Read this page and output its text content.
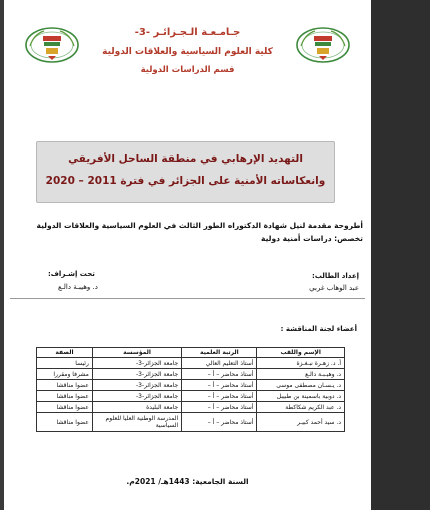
جـامـعـة الـجـزائـر -3-
كلية العلوم السياسية والعلاقات الدولية
قسم الدراسات الدولية
التهديد الإرهابي في منطقة الساحل الأفريقي
وانعكاساته الأمنية على الجزائر في فترة 2011 – 2020
أطروحة مقدمة لنيل شهادة الدكتوراه الطور الثالث في العلوم السياسية والعلاقات الدولية
تخصص: دراسات أمنية دولية
إعداد الطالب:
عبد الوهاب غربي
تحت إشـراف:
د. وهيبـة دالـع
أعضاء لجنة المناقشة :
الإسم واللقب	الرتبة العلمية	المؤسسة	الصفة
أ. د. زهـرة نبـغـزة	أستاذ التعليم العالي	جامعة الجزائر-3-	رئيسا
د. وهيـبـة دالـع	أستاذ محاضر – أ –	جامعة الجزائر-3-	مشرفا ومقررا
د. يـسـان مصطفى موسى	أستاذ محاضر – أ –	جامعة الجزائر-3-	عضوا مناقشا
د. دوبية باسمينة بن طبيبل	أستاذ محاضر – أ –	جامعة الجزائر-3-	عضوا مناقشا
د. عبد الكريم شكاكطة	أستاذ محاضر – أ –	جامعة البليدة	عضوا مناقشا
د. سيد أحمد كبيـر	أستاذ محاضر – أ –	المدرسة الوطنية العليا للعلوم السياسية	عضوا مناقشا
السنة الجامعية: 1443هـ/ 2021م.
